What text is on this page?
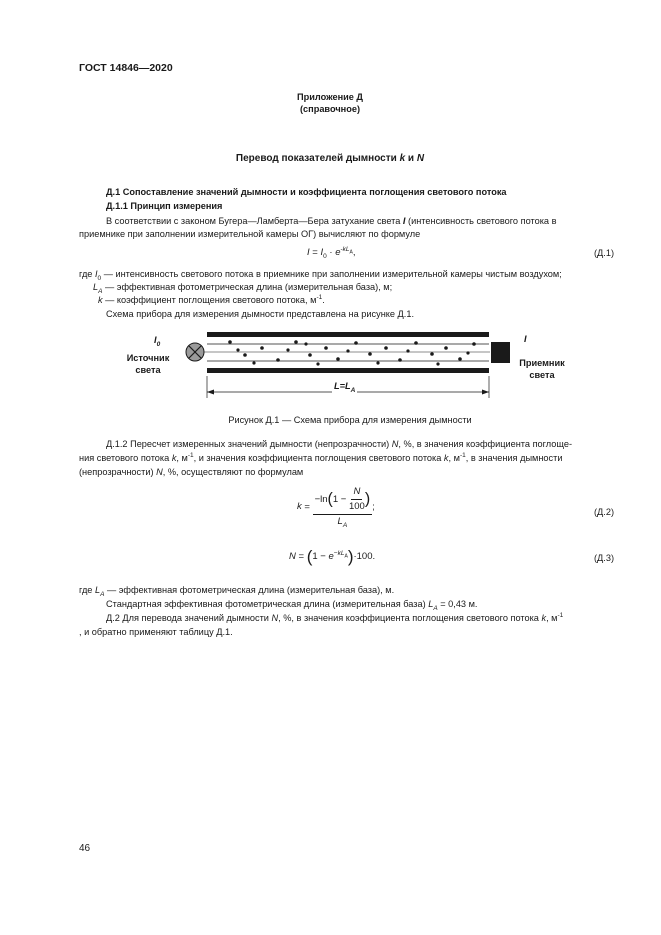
ГОСТ 14846—2020
Приложение Д
(справочное)
Перевод показателей дымности k и N
Д.1 Сопоставление значений дымности и коэффициента поглощения светового потока
Д.1.1 Принцип измерения
В соответствии с законом Бугера—Ламберта—Бера затухание света I (интенсивность светового потока в
приемнике при заполнении измерительной камеры ОГ) вычисляют по формуле
$I = I_0 \cdot e^{-kL_A}$,	(Д.1)
где $I_0$ — интенсивность светового потока в приемнике при заполнении измерительной камеры чистым воздухом;
$L_A$ — эффективная фотометрическая длина (измерительная база), м;
k — коэффициент поглощения светового потока, $м^{-1}$.
Схема прибора для измерения дымности представлена на рисунке Д.1.
$I_0$
I
Источник
света
Приемник
света
$L=L_A$
Рисунок Д.1 — Схема прибора для измерения дымности
Д.1.2 Пересчет измеренных значений дымности (непрозрачности) N, %, в значения коэффициента поглоще-
ния светового потока k, $м^{-1}$, и значения коэффициента поглощения светового потока k, $м^{-1}$, в значения дымности
(непрозрачности) N, %, осуществляют по формулам
$k = \frac{-\ln(1 - \frac{N}{100} )}{L_A}$ ;	(Д.2)
$N = (1 - e^{-kL_A})\cdot 100$.	(Д.3)
где $L_A$ — эффективная фотометрическая длина (измерительная база), м.
Стандартная эффективная фотометрическая длина (измерительная база) $L_A = 0,43$ м.
Д.2 Для перевода значений дымности N, %, в значения коэффициента поглощения светового потока k, $м^{-1}$
, и обратно применяют таблицу Д.1.
46
